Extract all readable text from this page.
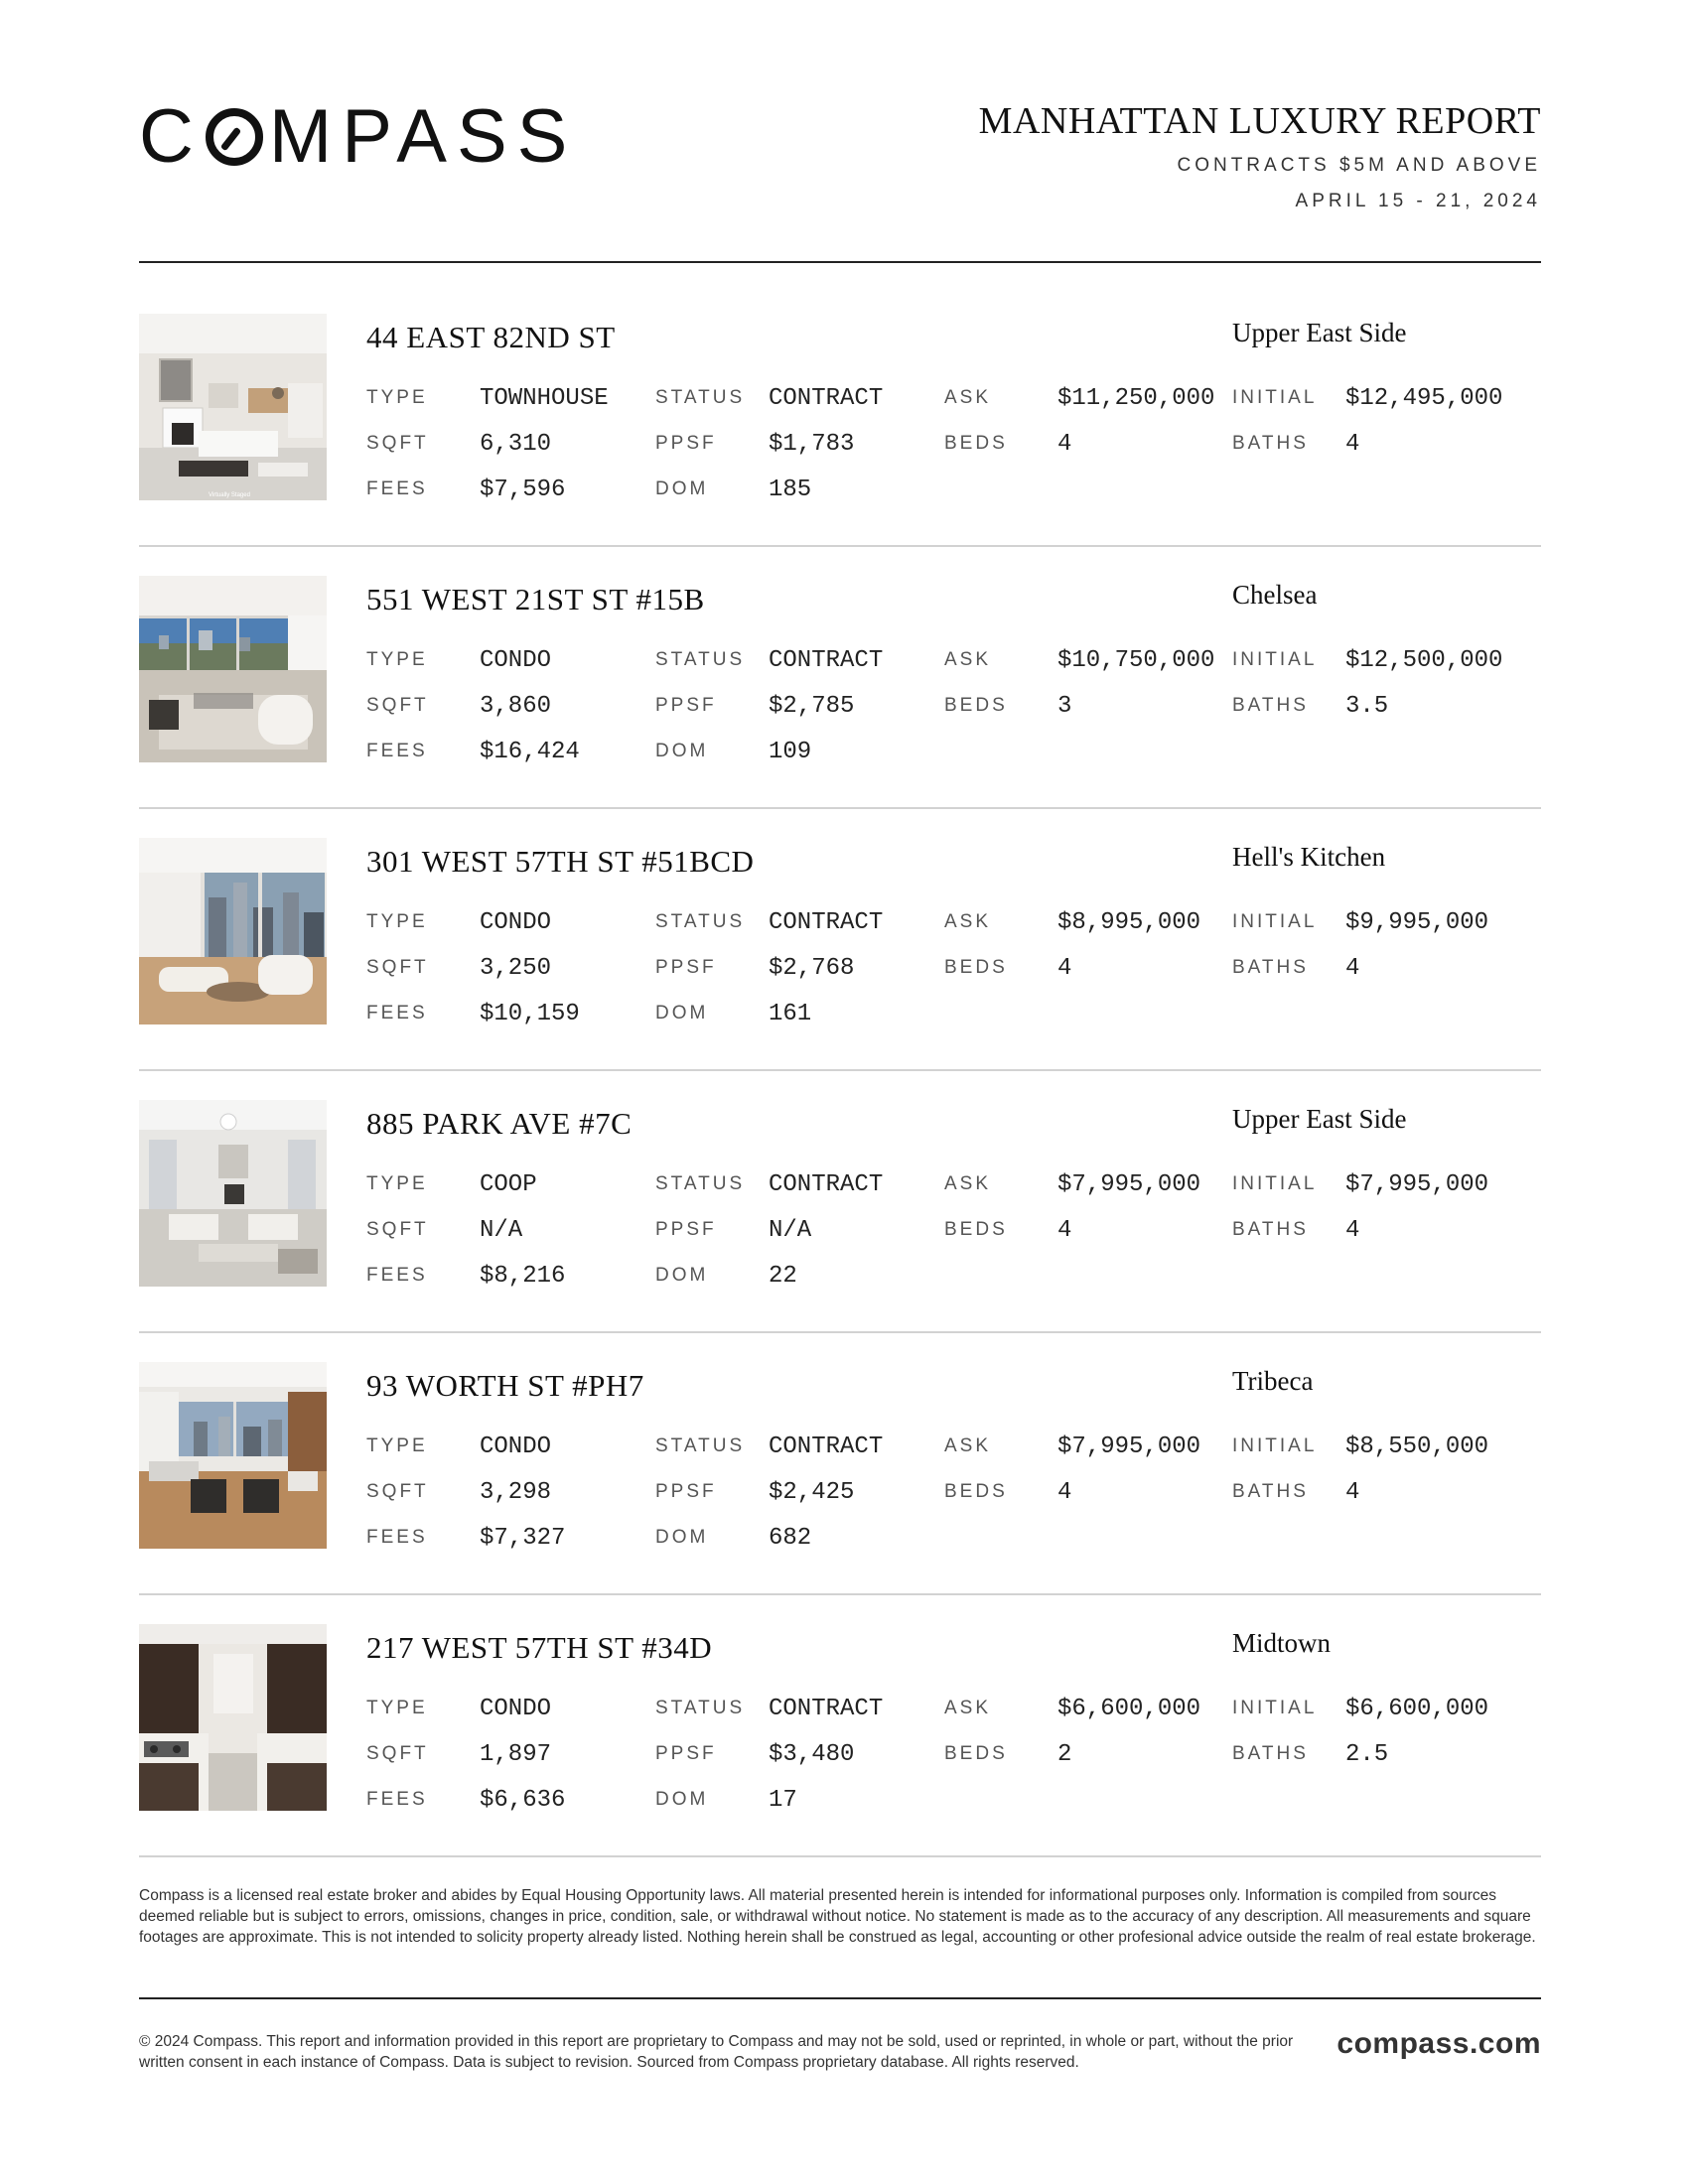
C MPASS	MANHATTAN LUXURY REPORT
CONTRACTS $5M AND ABOVE
APRIL 15 - 21, 2024
Virtually Staged
44 EAST 82ND ST	Upper East Side
TYPE TOWNHOUSE STATUS CONTRACT	ASK	$11,250,000 INITIAL $12,495,000
SQFT 6,310	PPSF $1,783	BEDS 4	BATHS 4
FEES $7,596	DOM	185
551 WEST 21ST ST #15B	Chelsea
TYPE CONDO	STATUS CONTRACT	ASK	$10,750,000 INITIAL $12,500,000
SQFT 3,860	PPSF $2,785	BEDS 3	BATHS 3.5
FEES $16,424	DOM	109
301 WEST 57TH ST #51BCD	Hell's Kitchen
TYPE CONDO	STATUS CONTRACT	ASK	$8,995,000 INITIAL $9,995,000
SQFT 3,250	PPSF $2,768	BEDS 4	BATHS 4
FEES $10,159	DOM	161
885 PARK AVE #7C	Upper East Side
TYPE COOP	STATUS CONTRACT	ASK	$7,995,000 INITIAL $7,995,000
SQFT N/A	PPSF N/A	BEDS 4	BATHS 4
FEES $8,216	DOM	22
93 WORTH ST #PH7	Tribeca
TYPE CONDO	STATUS CONTRACT	ASK	$7,995,000 INITIAL $8,550,000
SQFT 3,298	PPSF $2,425	BEDS 4	BATHS 4
FEES $7,327	DOM	682
217 WEST 57TH ST #34D	Midtown
TYPE CONDO	STATUS CONTRACT	ASK	$6,600,000 INITIAL $6,600,000
SQFT 1,897	PPSF $3,480	BEDS 2	BATHS 2.5
FEES $6,636	DOM	17
Compass is a licensed real estate broker and abides by Equal Housing Opportunity laws. All material presented herein is intended for informational purposes only. Information is compiled from sources deemed reliable but is subject to errors, omissions, changes in price, condition, sale, or withdrawal without notice. No statement is made as to the accuracy of any description. All measurements and square footages are approximate. This is not intended to solicity property already listed. Nothing herein shall be construed as legal, accounting or other profesional advice outside the realm of real estate brokerage.
© 2024 Compass. This report and information provided in this report are proprietary to Compass and may not be sold, used or reprinted, in whole or part, without the prior written consent in each instance of Compass. Data is subject to revision. Sourced from Compass proprietary database. All rights reserved.
compass.com
